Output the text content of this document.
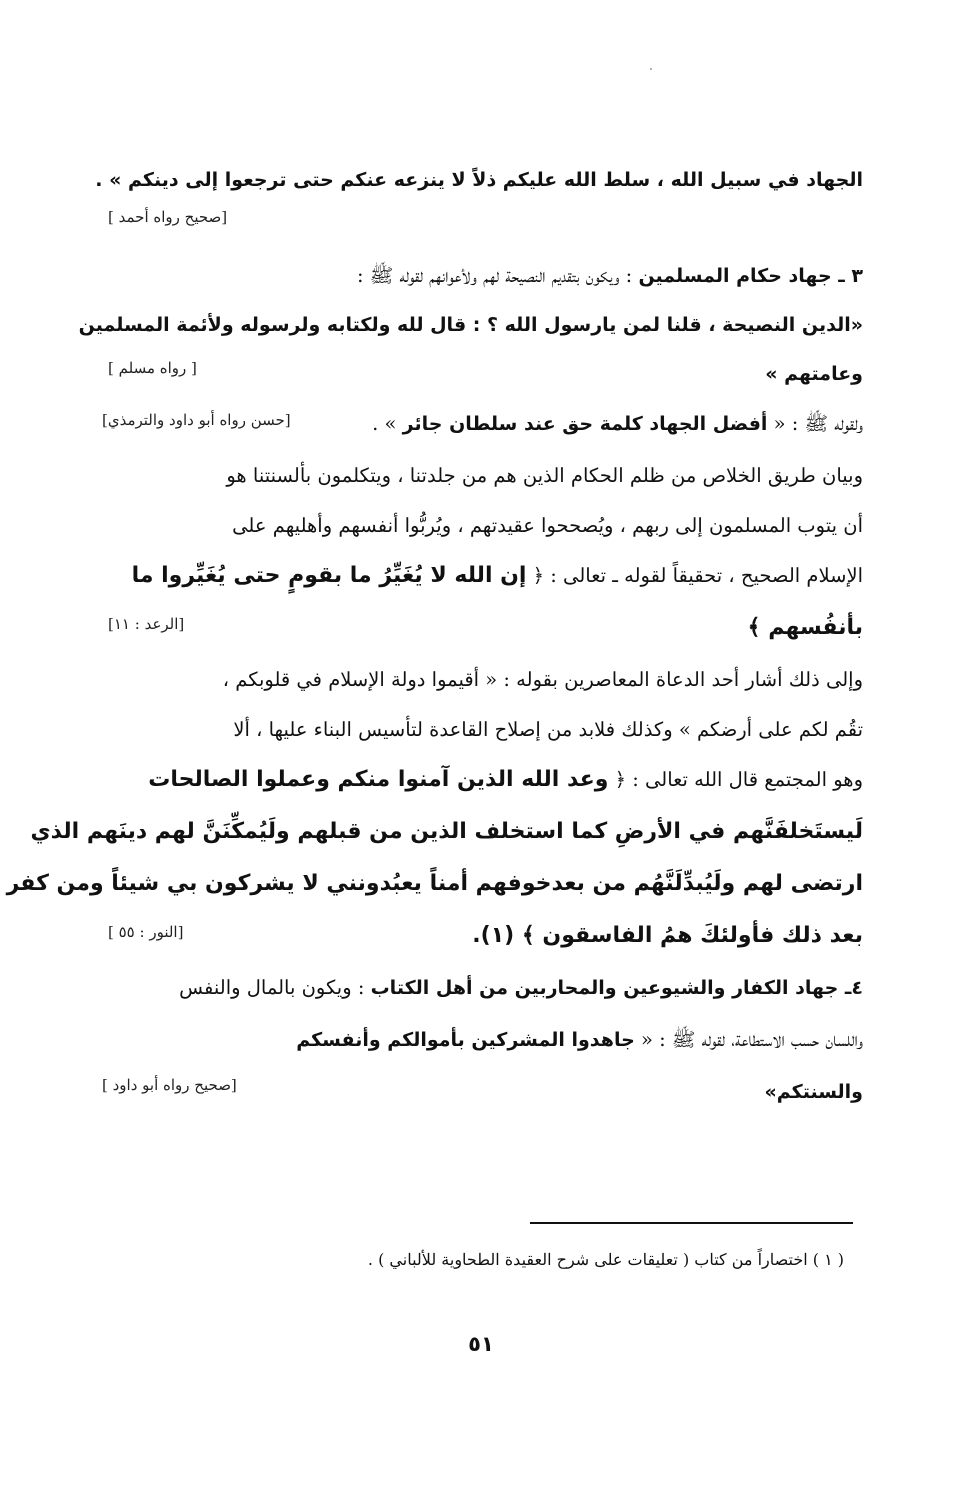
الجهاد في سبيل الله ، سلط الله عليكم ذلاً لا ينزعه عنكم حتى ترجعوا إلى دينكم » .
[صحيح رواه أحمد ]
٣ ـ جهاد حكام المسلمين : ويكون بتقديم النصيحة لهم ولأعوانهم لقوله ﷺ :
«الدين النصيحة ، قلنا لمن يارسول الله ؟ : قال لله ولكتابه ولرسوله ولأئمة المسلمين
وعامتهم »
[ رواه مسلم ]
ولقوله ﷺ : « أفضل الجهاد كلمة حق عند سلطان جائر » .
[حسن رواه أبو داود والترمذي]
وبيان طريق الخلاص من ظلم الحكام الذين هم من جلدتنا ، ويتكلمون بألسنتنا هو
أن يتوب المسلمون إلى ربهم ، ويُصححوا عقيدتهم ، ويُربُّوا أنفسهم وأهليهم على
الإسلام الصحيح ، تحقيقاً لقوله ـ تعالى : ﴿ إن الله لا يُغَيِّرُ ما بقومٍ حتى يُغَيِّروا ما
بأنفُسهم ﴾
[الرعد : ١١]
وإلى ذلك أشار أحد الدعاة المعاصرين بقوله : « أقيموا دولة الإسلام في قلوبكم ،
تقُم لكم على أرضكم » وكذلك فلابد من إصلاح القاعدة لتأسيس البناء عليها ، ألا
وهو المجتمع قال الله تعالى : ﴿ وعد الله الذين آمنوا منكم وعملوا الصالحات
لَيستَخلفَنَّهم في الأرضِ كما استخلف الذين من قبلهم ولَيُمكِّنَنَّ لهم دينَهم الذي
ارتضى لهم ولَيُبدِّلَنَّهُم من بعدخوفهم أمناً يعبُدونني لا يشركون بي شيئاً ومن كفر
بعد ذلك فأولئكَ همُ الفاسقون ﴾ (١).
[النور : ٥٥ ]
٤ـ جهاد الكفار والشيوعين والمحاربين من أهل الكتاب : ويكون بالمال والنفس
واللسان حسب الاستطاعة، لقوله ﷺ : « جاهدوا المشركين بأموالكم وأنفسكم
والسنتكم»
[صحيح رواه أبو داود ]
( ١ ) اختصاراً من كتاب ( تعليقات على شرح العقيدة الطحاوية للألباني ) .
٥١
